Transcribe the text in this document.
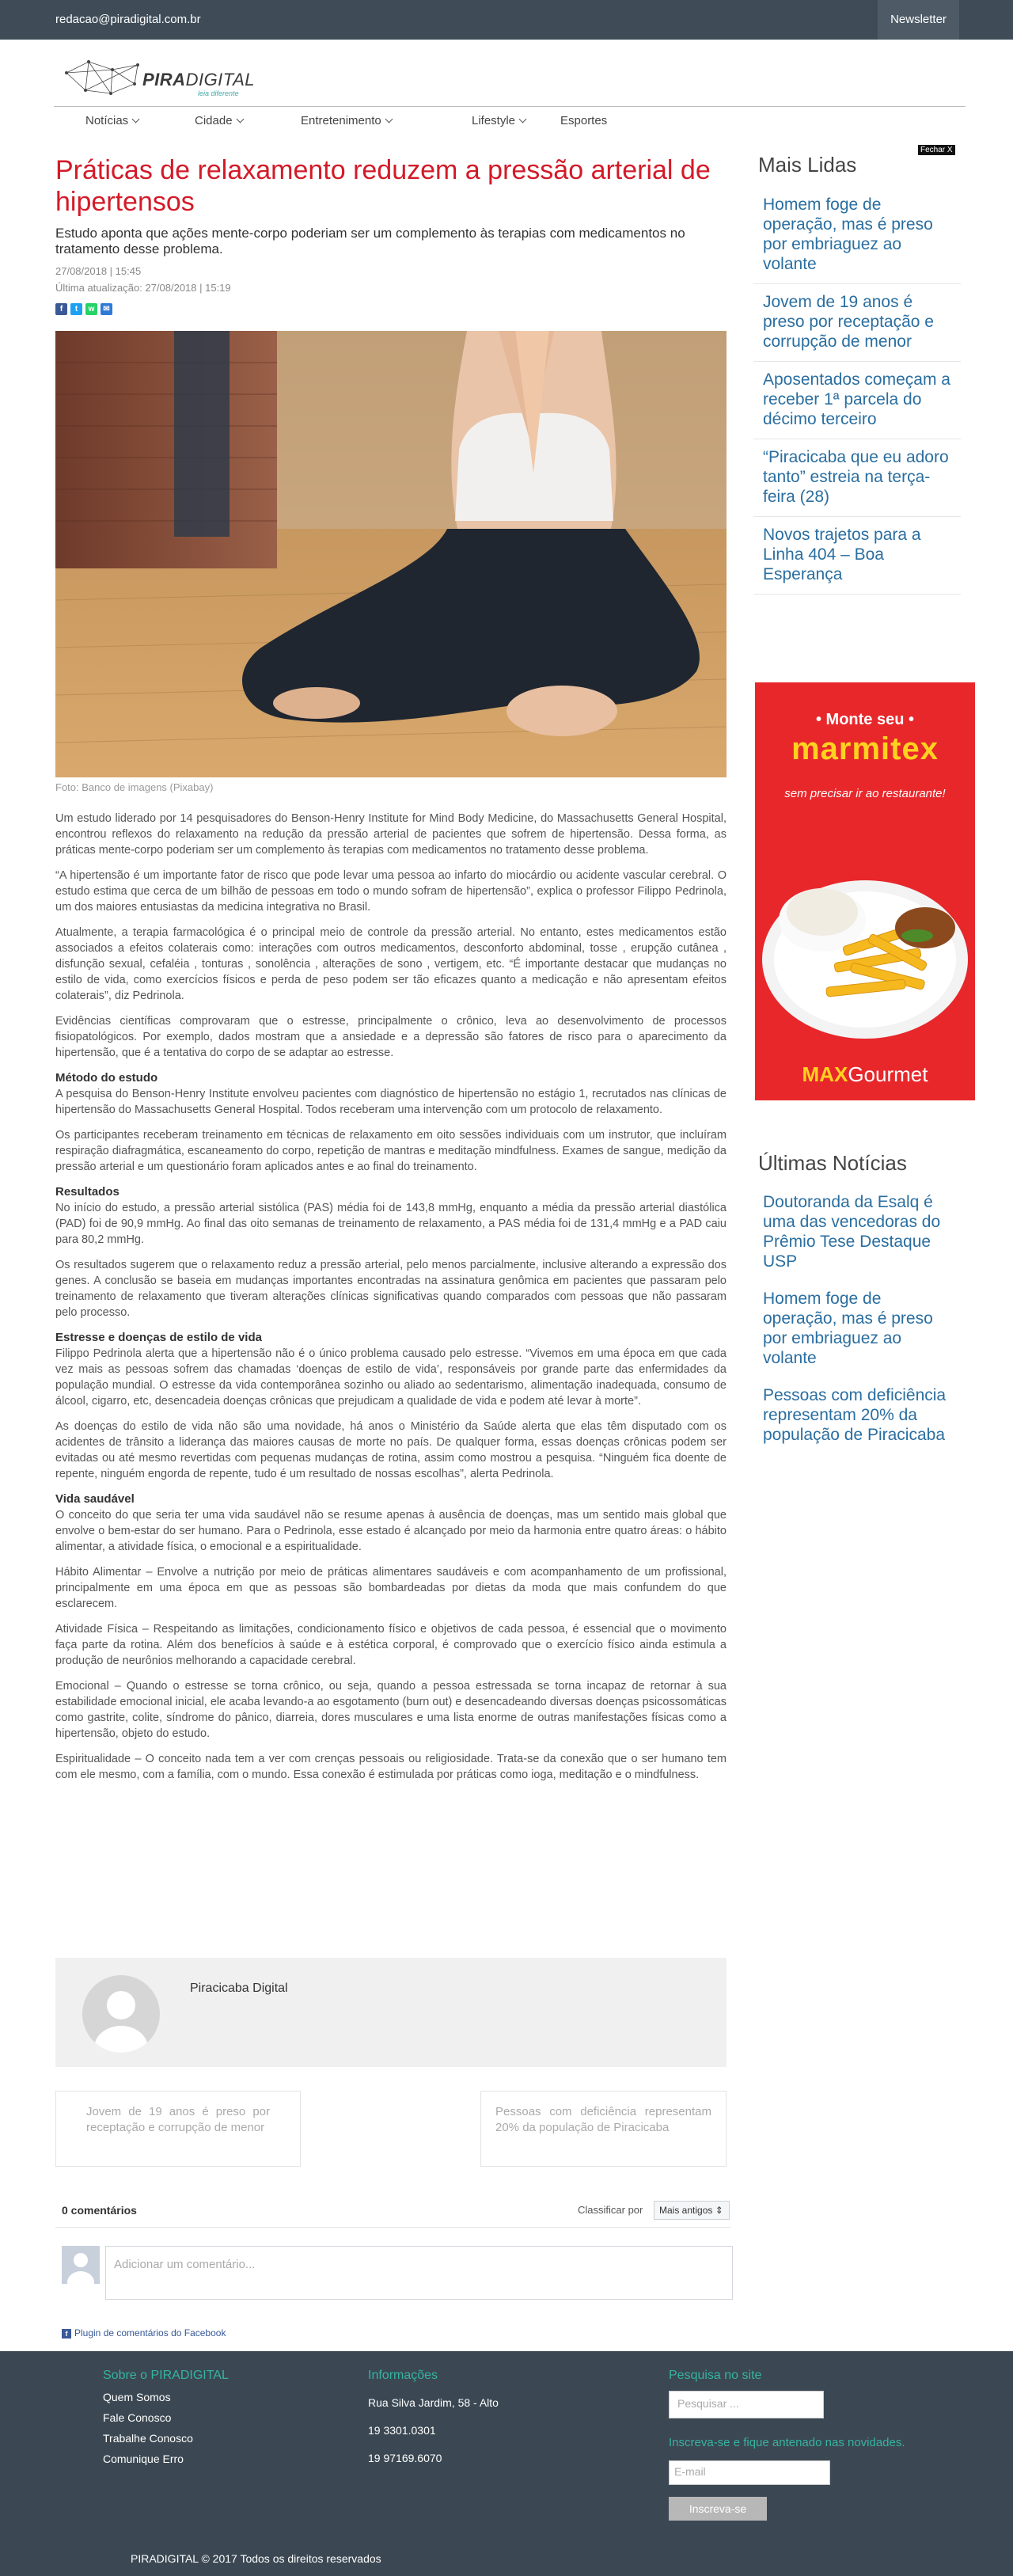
redacao@piradigital.com.br	Newsletter
PIRADIGITAL
leia diferente
Notícias	Cidade	Entretenimento	Lifestyle	Esportes
Práticas de relaxamento reduzem a pressão arterial de hipertensos
Estudo aponta que ações mente-corpo poderiam ser um complemento às terapias com medicamentos no tratamento desse problema.
27/08/2018 | 15:45
Última atualização: 27/08/2018 | 15:19
f t w ✉
Foto: Banco de imagens (Pixabay)

Um estudo liderado por 14 pesquisadores do Benson-Henry Institute for Mind Body Medicine, do Massachusetts General Hospital, encontrou reflexos do relaxamento na redução da pressão arterial de pacientes que sofrem de hipertensão. Dessa forma, as práticas mente-corpo poderiam ser um complemento às terapias com medicamentos no tratamento desse problema.

“A hipertensão é um importante fator de risco que pode levar uma pessoa ao infarto do miocárdio ou acidente vascular cerebral. O estudo estima que cerca de um bilhão de pessoas em todo o mundo sofram de hipertensão”, explica o professor Filippo Pedrinola, um dos maiores entusiastas da medicina integrativa no Brasil.

Atualmente, a terapia farmacológica é o principal meio de controle da pressão arterial. No entanto, estes medicamentos estão associados a efeitos colaterais como: interações com outros medicamentos, desconforto abdominal, tosse , erupção cutânea , disfunção sexual, cefaléia , tonturas , sonolência , alterações de sono , vertigem, etc. “É importante destacar que mudanças no estilo de vida, como exercícios físicos e perda de peso podem ser tão eficazes quanto a medicação e não apresentam efeitos colaterais”, diz Pedrinola.

Evidências científicas comprovaram que o estresse, principalmente o crônico, leva ao desenvolvimento de processos fisiopatológicos. Por exemplo, dados mostram que a ansiedade e a depressão são fatores de risco para o aparecimento da hipertensão, que é a tentativa do corpo de se adaptar ao estresse.

Método do estudo

A pesquisa do Benson-Henry Institute envolveu pacientes com diagnóstico de hipertensão no estágio 1, recrutados nas clínicas de hipertensão do Massachusetts General Hospital. Todos receberam uma intervenção com um protocolo de relaxamento.

Os participantes receberam treinamento em técnicas de relaxamento em oito sessões individuais com um instrutor, que incluíram respiração diafragmática, escaneamento do corpo, repetição de mantras e meditação mindfulness. Exames de sangue, medição da pressão arterial e um questionário foram aplicados antes e ao final do treinamento.

Resultados

No início do estudo, a pressão arterial sistólica (PAS) média foi de 143,8 mmHg, enquanto a média da pressão arterial diastólica (PAD) foi de 90,9 mmHg. Ao final das oito semanas de treinamento de relaxamento, a PAS média foi de 131,4 mmHg e a PAD caiu para 80,2 mmHg.

Os resultados sugerem que o relaxamento reduz a pressão arterial, pelo menos parcialmente, inclusive alterando a expressão dos genes. A conclusão se baseia em mudanças importantes encontradas na assinatura genômica em pacientes que passaram pelo treinamento de relaxamento que tiveram alterações clínicas significativas quando comparados com pessoas que não passaram pelo processo.

Estresse e doenças de estilo de vida

Filippo Pedrinola alerta que a hipertensão não é o único problema causado pelo estresse. “Vivemos em uma época em que cada vez mais as pessoas sofrem das chamadas ‘doenças de estilo de vida’, responsáveis por grande parte das enfermidades da população mundial. O estresse da vida contemporânea sozinho ou aliado ao sedentarismo, alimentação inadequada, consumo de álcool, cigarro, etc, desencadeia doenças crônicas que prejudicam a qualidade de vida e podem até levar à morte”.

As doenças do estilo de vida não são uma novidade, há anos o Ministério da Saúde alerta que elas têm disputado com os acidentes de trânsito a liderança das maiores causas de morte no país. De qualquer forma, essas doenças crônicas podem ser evitadas ou até mesmo revertidas com pequenas mudanças de rotina, assim como mostrou a pesquisa. “Ninguém fica doente de repente, ninguém engorda de repente, tudo é um resultado de nossas escolhas”, alerta Pedrinola.

Vida saudável

O conceito do que seria ter uma vida saudável não se resume apenas à ausência de doenças, mas um sentido mais global que envolve o bem-estar do ser humano. Para o Pedrinola, esse estado é alcançado por meio da harmonia entre quatro áreas: o hábito alimentar, a atividade física, o emocional e a espiritualidade.

Hábito Alimentar – Envolve a nutrição por meio de práticas alimentares saudáveis e com acompanhamento de um profissional, principalmente em uma época em que as pessoas são bombardeadas por dietas da moda que mais confundem do que esclarecem.

Atividade Física – Respeitando as limitações, condicionamento físico e objetivos de cada pessoa, é essencial que o movimento faça parte da rotina. Além dos benefícios à saúde e à estética corporal, é comprovado que o exercício físico ainda estimula a produção de neurônios melhorando a capacidade cerebral.

Emocional – Quando o estresse se torna crônico, ou seja, quando a pessoa estressada se torna incapaz de retornar à sua estabilidade emocional inicial, ele acaba levando-a ao esgotamento (burn out) e desencadeando diversas doenças psicossomáticas como gastrite, colite, síndrome do pânico, diarreia, dores musculares e uma lista enorme de outras manifestações físicas como a hipertensão, objeto do estudo.

Espiritualidade – O conceito nada tem a ver com crenças pessoais ou religiosidade. Trata-se da conexão que o ser humano tem com ele mesmo, com a família, com o mundo. Essa conexão é estimulada por práticas como ioga, meditação e o mindfulness.

Piracicaba Digital
Jovem de 19 anos é preso por receptação e corrupção de menor
Pessoas com deficiência representam 20% da população de Piracicaba
0 comentários	Classificar por	Mais antigos ⇕
Adicionar um comentário...
f Plugin de comentários do Facebook
Fechar X
Mais Lidas
Homem foge de operação, mas é preso por embriaguez ao volante
Jovem de 19 anos é preso por receptação e corrupção de menor
Aposentados começam a receber 1ª parcela do décimo terceiro
“Piracicaba que eu adoro tanto” estreia na terça-feira (28)
Novos trajetos para a Linha 404 – Boa Esperança
• Monte seu •
marmitex
sem precisar ir ao restaurante!
MAXGourmet
Últimas Notícias
Doutoranda da Esalq é uma das vencedoras do Prêmio Tese Destaque USP
Homem foge de operação, mas é preso por embriaguez ao volante
Pessoas com deficiência representam 20% da população de Piracicaba
Sobre o PIRADIGITAL
Quem Somos
Fale Conosco
Trabalhe Conosco
Comunique Erro
Informações
Rua Silva Jardim, 58 - Alto
19 3301.0301
19 97169.6070
Pesquisa no site
Pesquisar ...
Inscreva-se e fique antenado nas novidades.
E-mail
Inscreva-se
PIRADIGITAL © 2017 Todos os direitos reservados
